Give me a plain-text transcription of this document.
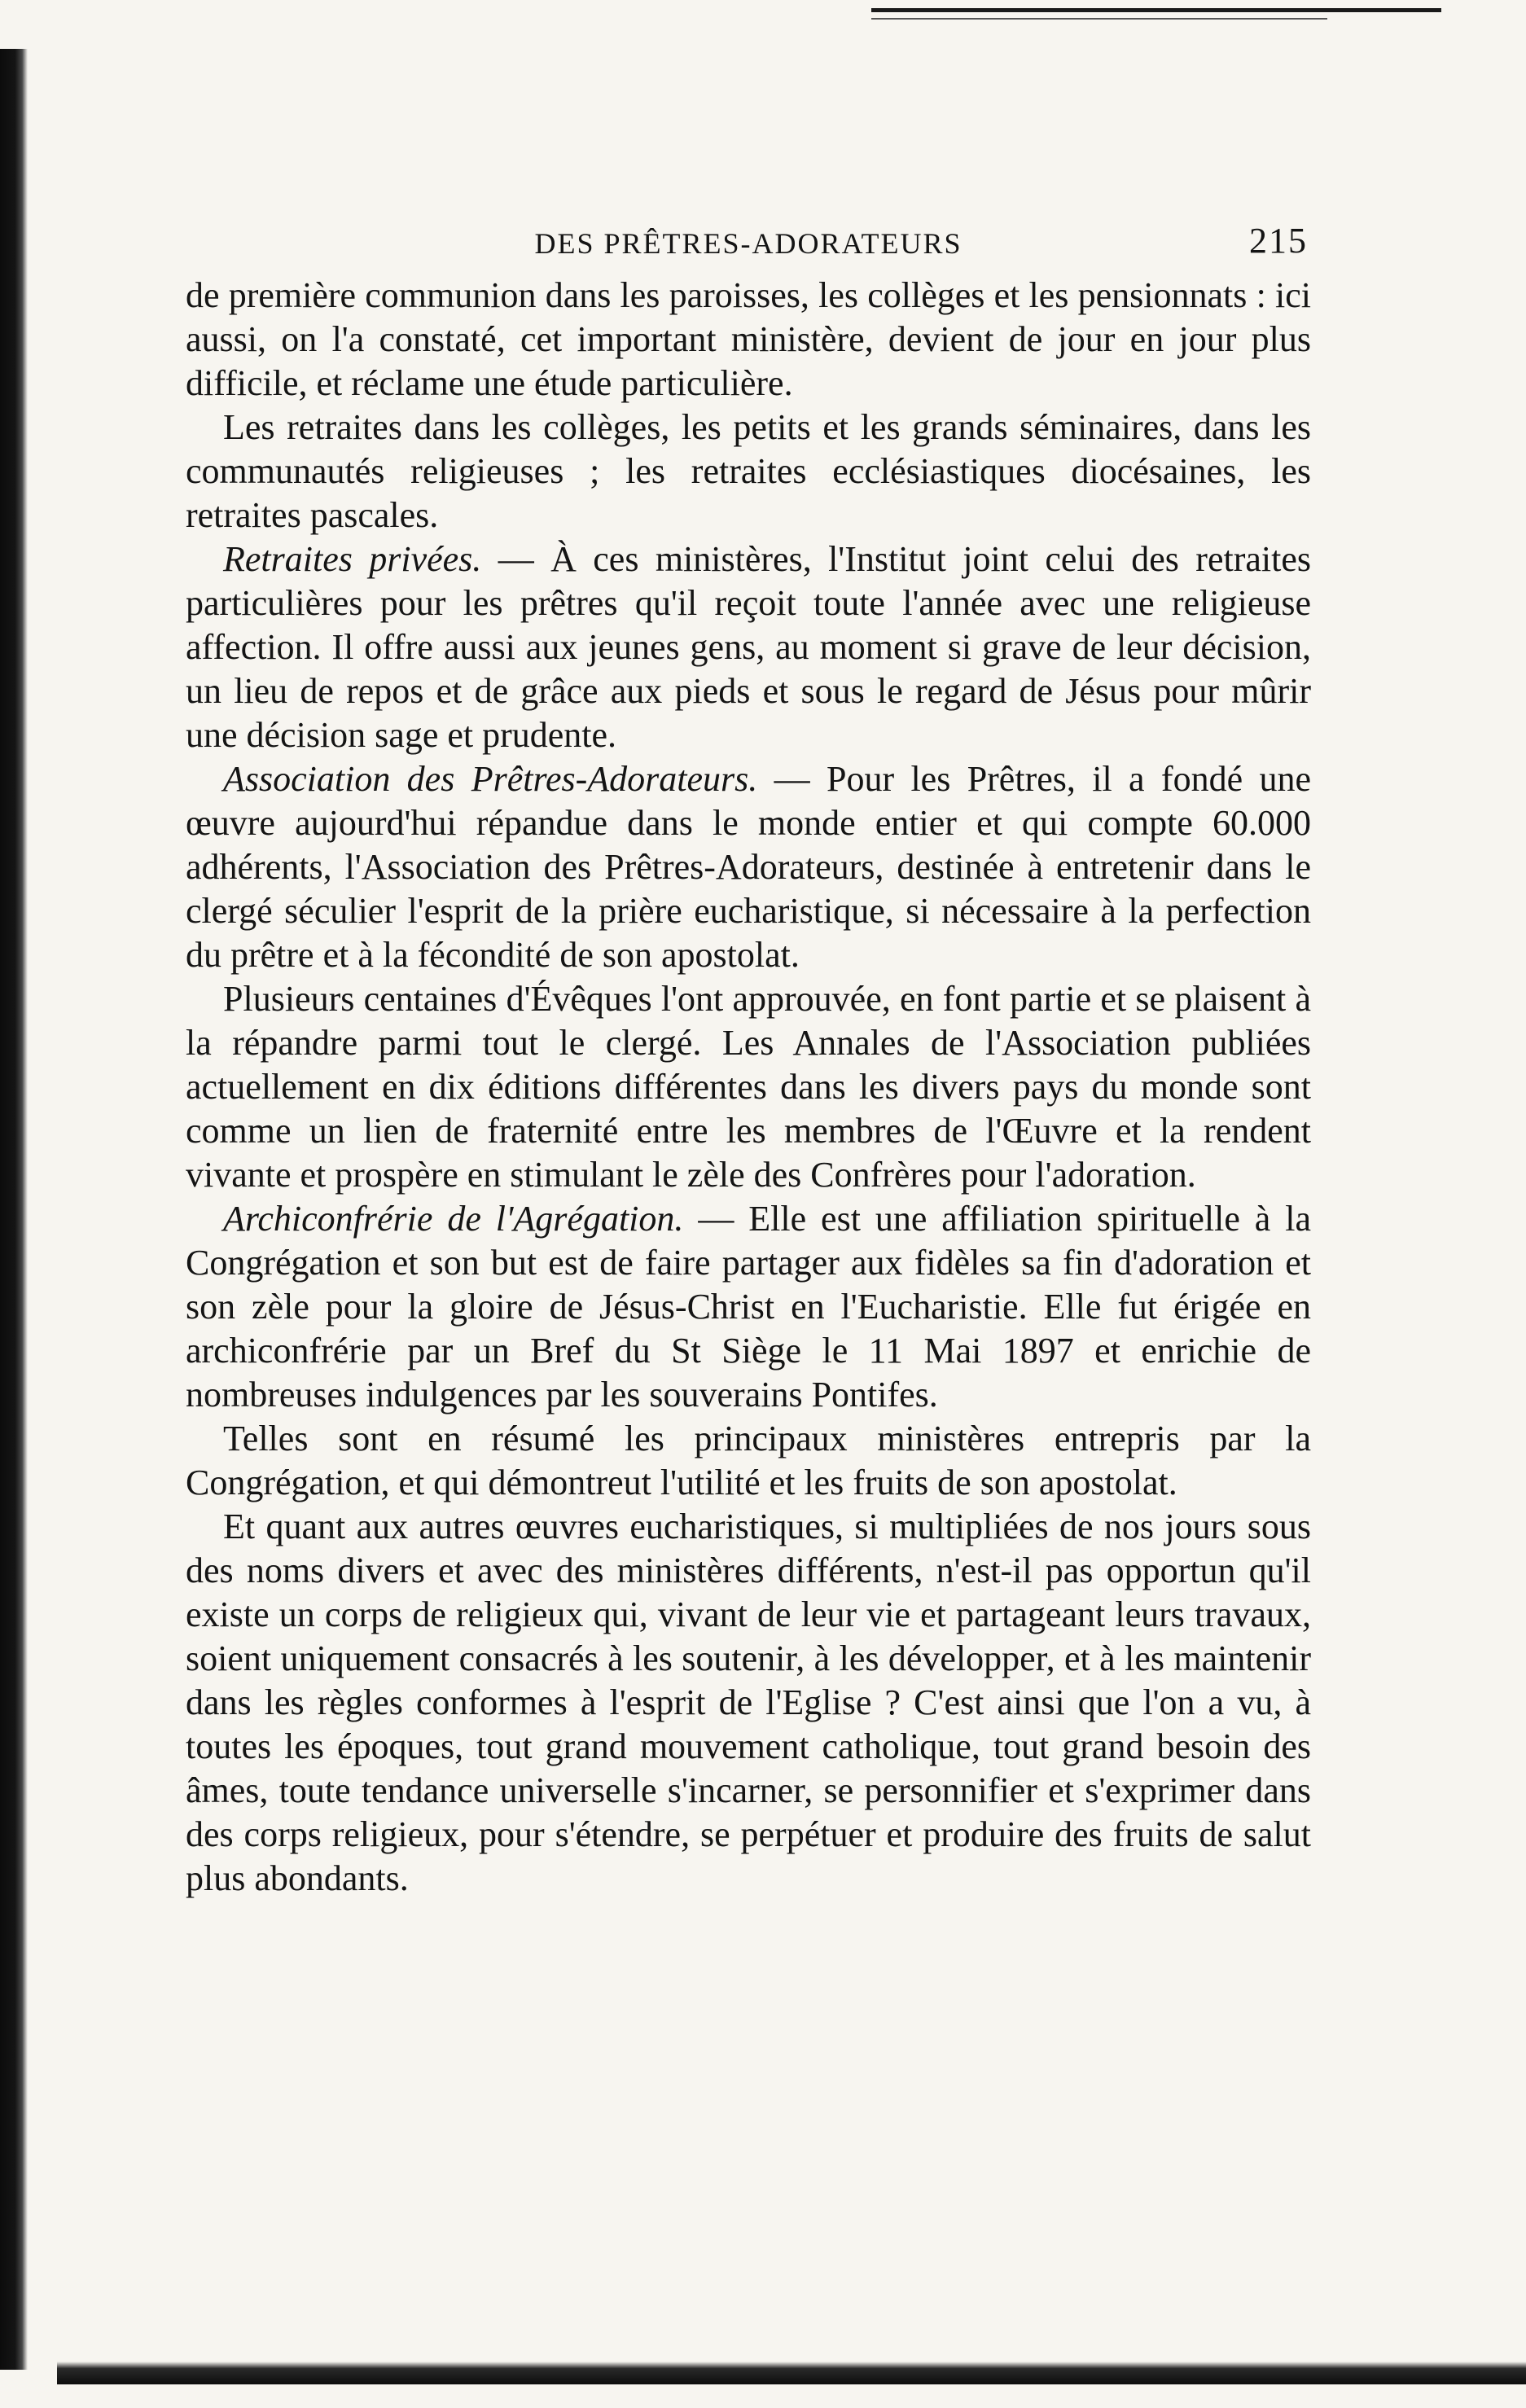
DES PRÊTRES-ADORATEURS	215

de première communion dans les paroisses, les collèges et les pensionnats : ici aussi, on l'a constaté, cet important ministère, devient de jour en jour plus difficile, et réclame une étude particulière.

Les retraites dans les collèges, les petits et les grands séminaires, dans les communautés religieuses ; les retraites ecclésiastiques diocésaines, les retraites pascales.

Retraites privées. — À ces ministères, l'Institut joint celui des retraites particulières pour les prêtres qu'il reçoit toute l'année avec une religieuse affection. Il offre aussi aux jeunes gens, au moment si grave de leur décision, un lieu de repos et de grâce aux pieds et sous le regard de Jésus pour mûrir une décision sage et prudente.

Association des Prêtres-Adorateurs. — Pour les Prêtres, il a fondé une œuvre aujourd'hui répandue dans le monde entier et qui compte 60.000 adhérents, l'Association des Prêtres-Adorateurs, destinée à entretenir dans le clergé séculier l'esprit de la prière eucharistique, si nécessaire à la perfection du prêtre et à la fécondité de son apostolat.

Plusieurs centaines d'Évêques l'ont approuvée, en font partie et se plaisent à la répandre parmi tout le clergé. Les Annales de l'Association publiées actuellement en dix éditions différentes dans les divers pays du monde sont comme un lien de fraternité entre les membres de l'Œuvre et la rendent vivante et prospère en stimulant le zèle des Confrères pour l'adoration.

Archiconfrérie de l'Agrégation. — Elle est une affiliation spirituelle à la Congrégation et son but est de faire partager aux fidèles sa fin d'adoration et son zèle pour la gloire de Jésus-Christ en l'Eucharistie. Elle fut érigée en archiconfrérie par un Bref du St Siège le 11 Mai 1897 et enrichie de nombreuses indulgences par les souverains Pontifes.

Telles sont en résumé les principaux ministères entrepris par la Congrégation, et qui démontreut l'utilité et les fruits de son apostolat.

Et quant aux autres œuvres eucharistiques, si multipliées de nos jours sous des noms divers et avec des ministères différents, n'est-il pas opportun qu'il existe un corps de religieux qui, vivant de leur vie et partageant leurs travaux, soient uniquement consacrés à les soutenir, à les développer, et à les maintenir dans les règles conformes à l'esprit de l'Eglise ? C'est ainsi que l'on a vu, à toutes les époques, tout grand mouvement catholique, tout grand besoin des âmes, toute tendance universelle s'incarner, se personnifier et s'exprimer dans des corps religieux, pour s'étendre, se perpétuer et produire des fruits de salut plus abondants.
